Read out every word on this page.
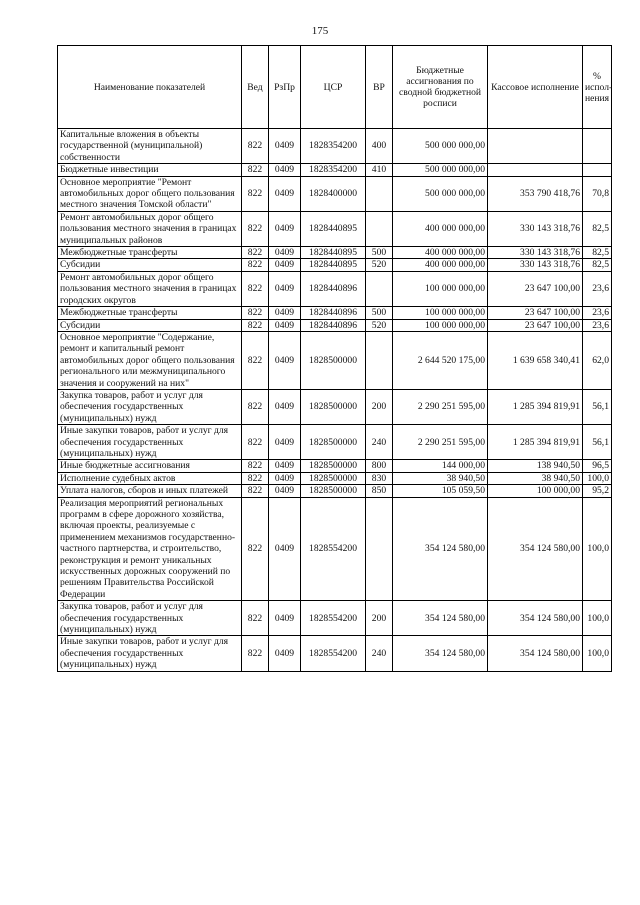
175
Наименование показателей	Вед	РзПр	ЦСР	ВР	Бюджетные ассигнования по сводной бюджетной росписи	Кассовое исполнение	% испол-нения
Капитальные вложения в объекты государственной (муниципальной) собственности	822	0409	1828354200	400	500 000 000,00		
Бюджетные инвестиции	822	0409	1828354200	410	500 000 000,00		
Основное мероприятие "Ремонт автомобильных дорог общего пользования местного значения Томской области"	822	0409	1828400000		500 000 000,00	353 790 418,76	70,8
Ремонт автомобильных дорог общего пользования местного значения в границах муниципальных районов	822	0409	1828440895		400 000 000,00	330 143 318,76	82,5
Межбюджетные трансферты	822	0409	1828440895	500	400 000 000,00	330 143 318,76	82,5
Субсидии	822	0409	1828440895	520	400 000 000,00	330 143 318,76	82,5
Ремонт автомобильных дорог общего пользования местного значения в границах городских округов	822	0409	1828440896		100 000 000,00	23 647 100,00	23,6
Межбюджетные трансферты	822	0409	1828440896	500	100 000 000,00	23 647 100,00	23,6
Субсидии	822	0409	1828440896	520	100 000 000,00	23 647 100,00	23,6
Основное мероприятие "Содержание, ремонт и капитальный ремонт автомобильных дорог общего пользования регионального или межмуниципального значения и сооружений на них"	822	0409	1828500000		2 644 520 175,00	1 639 658 340,41	62,0
Закупка товаров, работ и услуг для обеспечения государственных (муниципальных) нужд	822	0409	1828500000	200	2 290 251 595,00	1 285 394 819,91	56,1
Иные закупки товаров, работ и услуг для обеспечения государственных (муниципальных) нужд	822	0409	1828500000	240	2 290 251 595,00	1 285 394 819,91	56,1
Иные бюджетные ассигнования	822	0409	1828500000	800	144 000,00	138 940,50	96,5
Исполнение судебных актов	822	0409	1828500000	830	38 940,50	38 940,50	100,0
Уплата налогов, сборов и иных платежей	822	0409	1828500000	850	105 059,50	100 000,00	95,2
Реализация мероприятий региональных программ в сфере дорожного хозяйства, включая проекты, реализуемые с применением механизмов государственно-частного партнерства, и строительство, реконструкция и ремонт уникальных искусственных дорожных сооружений по решениям Правительства Российской Федерации	822	0409	1828554200		354 124 580,00	354 124 580,00	100,0
Закупка товаров, работ и услуг для обеспечения государственных (муниципальных) нужд	822	0409	1828554200	200	354 124 580,00	354 124 580,00	100,0
Иные закупки товаров, работ и услуг для обеспечения государственных (муниципальных) нужд	822	0409	1828554200	240	354 124 580,00	354 124 580,00	100,0
